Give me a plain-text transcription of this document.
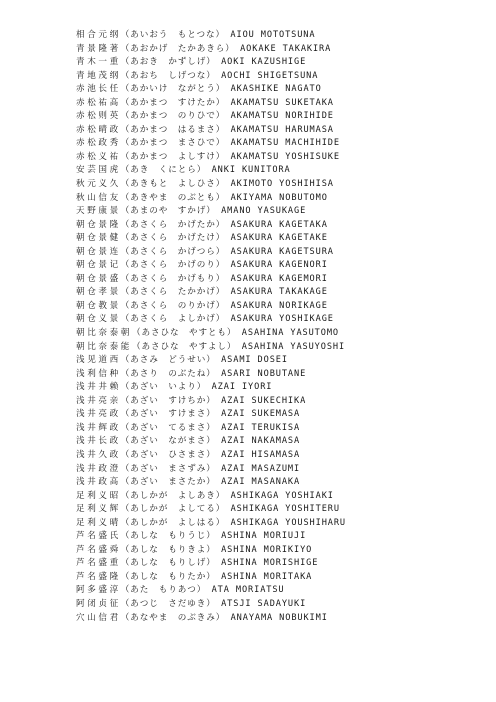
相合元纲（あいおう　もとつな） AIOU MOTOTSUNA
青景隆著（あおかげ　たかあきら） AOKAKE TAKAKIRA
青木一重（あおき　かずしげ） AOKI KAZUSHIGE
青地茂纲（あおち　しげつな） AOCHI SHIGETSUNA
赤池长任（あかいけ　ながとう） AKASHIKE NAGATO
赤松祐高（あかまつ　すけたか） AKAMATSU SUKETAKA
赤松则英（あかまつ　のりひで） AKAMATSU NORIHIDE
赤松晴政（あかまつ　はるまさ） AKAMATSU HARUMASA
赤松政秀（あかまつ　まさひで） AKAMATSU MACHIHIDE
赤松义祐（あかまつ　よしすけ） AKAMATSU YOSHISUKE
安芸国虎（あき　くにとら） ANKI KUNITORA
秋元义久（あきもと　よしひさ） AKIMOTO YOSHIHISA
秋山信友（あきやま　のぶとも） AKIYAMA NOBUTOMO
天野康景（あまのや　すかげ） AMANO YASUKAGE
朝仓景隆（あさくら　かげたか） ASAKURA KAGETAKA
朝仓景健（あさくら　かげたけ） ASAKURA KAGETAKE
朝仓景连（あさくら　かげつら） ASAKURA KAGETSURA
朝仓景记（あさくら　かげのり） ASAKURA KAGENORI
朝仓景盛（あさくら　かげもり） ASAKURA KAGEMORI
朝仓孝景（あさくら　たかかげ） ASAKURA TAKAKAGE
朝仓教景（あさくら　のりかげ） ASAKURA NORIKAGE
朝仓义景（あさくら　よしかげ） ASAKURA YOSHIKAGE
朝比奈泰朝（あさひな　やすとも） ASAHINA YASUTOMO
朝比奈泰能（あさひな　やすよし） ASAHINA YASUYOSHI
浅见道西（あさみ　どうせい） ASAMI DOSEI
浅利信种（あさり　のぶたね） ASARI NOBUTANE
浅井井赖（あざい　いより） AZAI IYORI
浅井亮亲（あざい　すけちか） AZAI SUKECHIKA
浅井亮政（あざい　すけまさ） AZAI SUKEMASA
浅井辉政（あざい　てるまさ） AZAI TERUKISA
浅井长政（あざい　ながまさ） AZAI NAKAMASA
浅井久政（あざい　ひさまさ） AZAI HISAMASA
浅井政澄（あざい　まさずみ） AZAI MASAZUMI
浅井政高（あざい　まさたか） AZAI MASANAKA
足利义昭（あしかが　よしあき） ASHIKAGA YOSHIAKI
足利义辉（あしかが　よしてる） ASHIKAGA YOSHITERU
足利义晴（あしかが　よしはる） ASHIKAGA YOUSHIHARU
芦名盛氏（あしな　もりうじ） ASHINA MORIUJI
芦名盛舜（あしな　もりきよ） ASHINA MORIKIYO
芦名盛重（あしな　もりしげ） ASHINA MORISHIGE
芦名盛隆（あしな　もりたか） ASHINA MORITAKA
阿多盛淳（あた　もりあつ） ATA MORIATSU
阿闭贞征（あつじ　さだゆき） ATSJI SADAYUKI
穴山信君（あなやま　のぶきみ） ANAYAMA NOBUKIMI
